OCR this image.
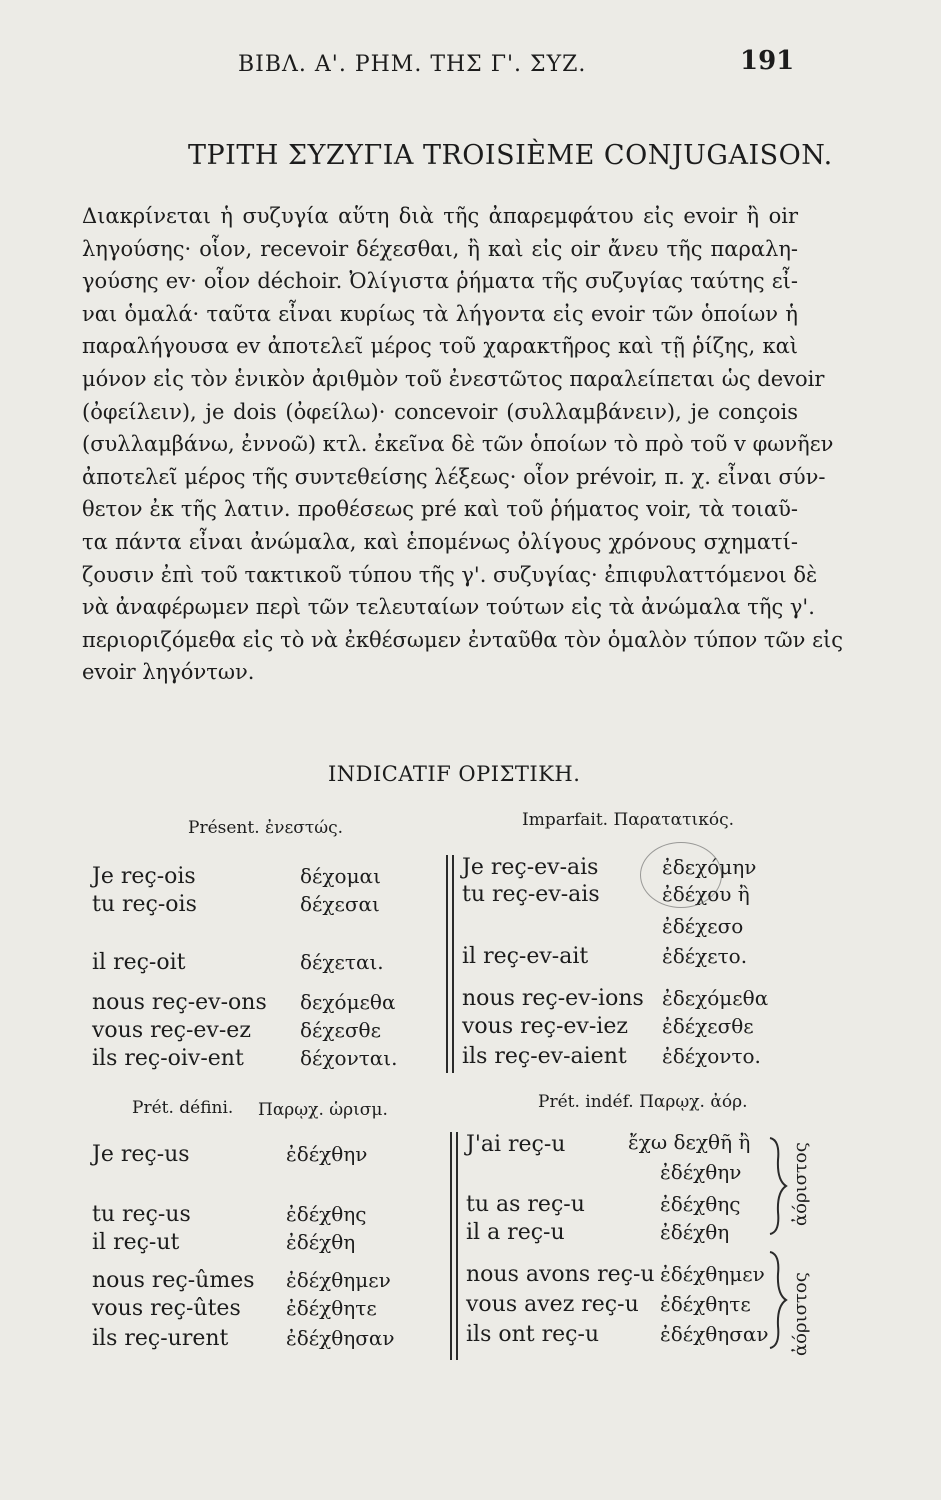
ΒΙΒΛ. Α'. ΡΗΜ. ΤΗΣ Γ'. ΣΥΖ.	191
ΤΡΙΤΗ ΣΥΖΥΓΙΑ TROISIÈME CONJUGAISON.
Διακρίνεται ἡ συζυγία αὕτη διὰ τῆς ἀπαρεμφάτου εἰς evoir ἢ oir
ληγούσης· οἷον, recevoir δέχεσθαι, ἢ καὶ εἰς oir ἄνευ τῆς παραλη-
γούσης ev· οἷον déchoir. Ὀλίγιστα ῥήματα τῆς συζυγίας ταύτης εἶ-
ναι ὁμαλά· ταῦτα εἶναι κυρίως τὰ λήγοντα εἰς evoir τῶν ὁποίων ἡ
παραλήγουσα ev ἀποτελεῖ μέρος τοῦ χαρακτῆρος καὶ τῇ ῥίζης, καὶ
μόνον εἰς τὸν ἑνικὸν ἀριθμὸν τοῦ ἐνεστῶτος παραλείπεται ὡς devoir
(ὀφείλειν), je dois (ὀφείλω)· concevoir (συλλαμβάνειν), je conçois
(συλλαμβάνω, ἐννοῶ) κτλ. ἐκεῖνα δὲ τῶν ὁποίων τὸ πρὸ τοῦ v φωνῆεν
ἀποτελεῖ μέρος τῆς συντεθείσης λέξεως· οἷον prévoir, π. χ. εἶναι σύν-
θετον ἐκ τῆς λατιν. προθέσεως pré καὶ τοῦ ῥήματος voir, τὰ τοιαῦ-
τα πάντα εἶναι ἀνώμαλα, καὶ ἑπομένως ὀλίγους χρόνους σχηματί-
ζουσιν ἐπὶ τοῦ τακτικοῦ τύπου τῆς γ'. συζυγίας· ἐπιφυλαττόμενοι δὲ
νὰ ἀναφέρωμεν περὶ τῶν τελευταίων τούτων εἰς τὰ ἀνώμαλα τῆς γ'.
περιοριζόμεθα εἰς τὸ νὰ ἐκθέσωμεν ἐνταῦθα τὸν ὁμαλὸν τύπον τῶν εἰς
evoir ληγόντων.
INDICATIF ΟΡΙΣΤΙΚΗ.
Présent. ἐνεστώς.	Imparfait. Παρατατικός.
Je reç-ois	δέχομαι
tu reç-ois	δέχεσαι
il reç-oit	δέχεται.
nous reç-ev-ons δεχόμεθα
vous reç-ev-ez δέχεσθε
ils reç-oiv-ent	δέχονται.
Je reç-ev-ais	ἐδεχόμην
tu reç-ev-ais	ἐδέχου ἢ
ἐδέχεσο
il reç-ev-ait	ἐδέχετο.
nous reç-ev-ions ἐδεχόμεθα
vous reç-ev-iez ἐδέχεσθε
ils reç-ev-aient ἐδέχοντο.
Prét. défini. Παρῳχ. ὡρισμ.	Prét. indéf. Παρῳχ. ἀόρ.
Je reç-us	ἐδέχθην
tu reç-us	ἐδέχθης
il reç-ut	ἐδέχθη
nous reç-ûmes ἐδέχθημεν
vous reç-ûtes ἐδέχθητε
ils reç-urent	ἐδέχθησαν
J'ai reç-u	ἔχω δεχθῆ ἢ
ἐδέχθην
tu as reç-u	ἐδέχθης
il a reç-u	ἐδέχθη
nous avons reç-u ἐδέχθημεν
vous avez reç-u ἐδέχθητε
ils ont reç-u	ἐδέχθησαν
ἀόριστος
ἀόριστος
